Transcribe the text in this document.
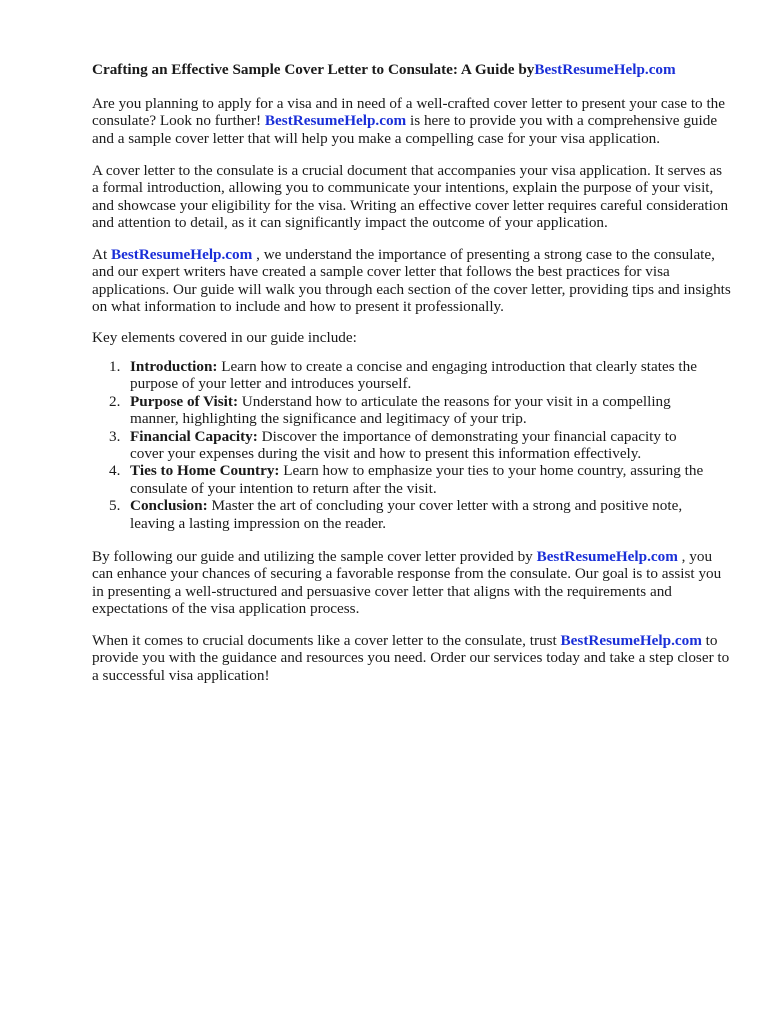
Crafting an Effective Sample Cover Letter to Consulate: A Guide byBestResumeHelp.com

Are you planning to apply for a visa and in need of a well-crafted cover letter to present your case to the consulate? Look no further! BestResumeHelp.com is here to provide you with a comprehensive guide and a sample cover letter that will help you make a compelling case for your visa application.

A cover letter to the consulate is a crucial document that accompanies your visa application. It serves as a formal introduction, allowing you to communicate your intentions, explain the purpose of your visit, and showcase your eligibility for the visa. Writing an effective cover letter requires careful consideration and attention to detail, as it can significantly impact the outcome of your application.

At BestResumeHelp.com , we understand the importance of presenting a strong case to the consulate, and our expert writers have created a sample cover letter that follows the best practices for visa applications. Our guide will walk you through each section of the cover letter, providing tips and insights on what information to include and how to present it professionally.

Key elements covered in our guide include:

1. Introduction: Learn how to create a concise and engaging introduction that clearly states the purpose of your letter and introduces yourself.
2. Purpose of Visit: Understand how to articulate the reasons for your visit in a compelling manner, highlighting the significance and legitimacy of your trip.
3. Financial Capacity: Discover the importance of demonstrating your financial capacity to cover your expenses during the visit and how to present this information effectively.
4. Ties to Home Country: Learn how to emphasize your ties to your home country, assuring the consulate of your intention to return after the visit.
5. Conclusion: Master the art of concluding your cover letter with a strong and positive note, leaving a lasting impression on the reader.

By following our guide and utilizing the sample cover letter provided by BestResumeHelp.com , you can enhance your chances of securing a favorable response from the consulate. Our goal is to assist you in presenting a well-structured and persuasive cover letter that aligns with the requirements and expectations of the visa application process.

When it comes to crucial documents like a cover letter to the consulate, trust BestResumeHelp.com to provide you with the guidance and resources you need. Order our services today and take a step closer to a successful visa application!
